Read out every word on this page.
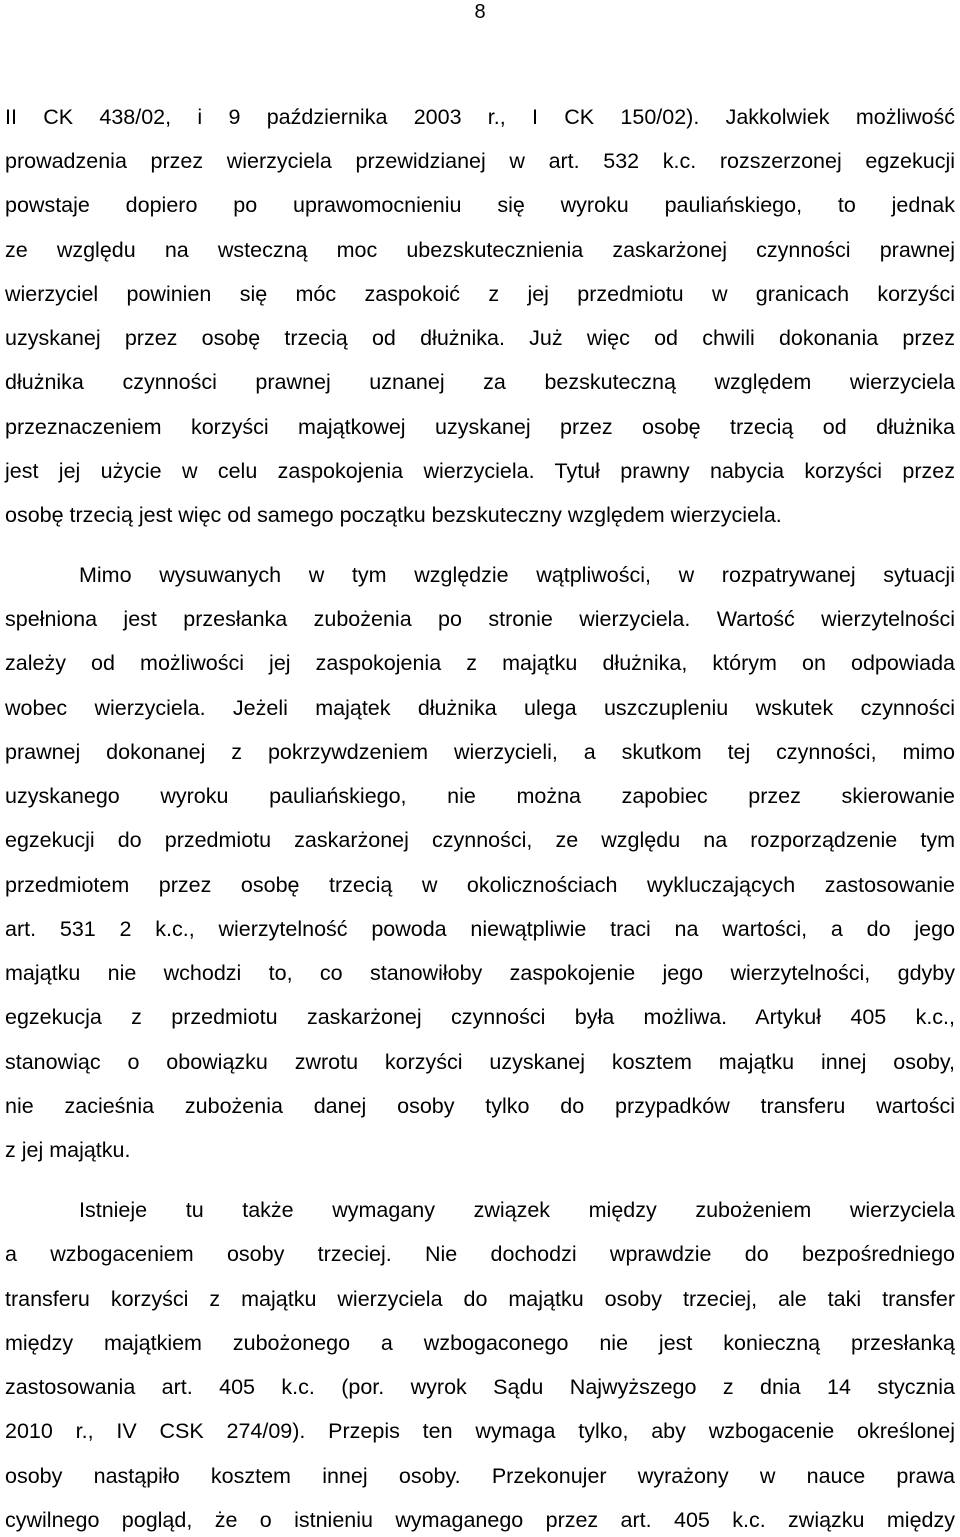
8
II CK 438/02, i 9 października 2003 r., I CK 150/02). Jakkolwiek możliwość
prowadzenia przez wierzyciela przewidzianej w art. 532 k.c. rozszerzonej egzekucji
powstaje dopiero po uprawomocnieniu się wyroku pauliańskiego, to jednak
ze względu na wsteczną moc ubezskutecznienia zaskarżonej czynności prawnej
wierzyciel powinien się móc zaspokoić z jej przedmiotu w granicach korzyści
uzyskanej przez osobę trzecią od dłużnika. Już więc od chwili dokonania przez
dłużnika czynności prawnej uznanej za bezskuteczną względem wierzyciela
przeznaczeniem korzyści majątkowej uzyskanej przez osobę trzecią od dłużnika
jest jej użycie w celu zaspokojenia wierzyciela. Tytuł prawny nabycia korzyści przez
osobę trzecią jest więc od samego początku bezskuteczny względem wierzyciela.
Mimo wysuwanych w tym względzie wątpliwości, w rozpatrywanej sytuacji
spełniona jest przesłanka zubożenia po stronie wierzyciela. Wartość wierzytelności
zależy od możliwości jej zaspokojenia z majątku dłużnika, którym on odpowiada
wobec wierzyciela. Jeżeli majątek dłużnika ulega uszczupleniu wskutek czynności
prawnej dokonanej z pokrzywdzeniem wierzycieli, a skutkom tej czynności, mimo
uzyskanego wyroku pauliańskiego, nie można zapobiec przez skierowanie
egzekucji do przedmiotu zaskarżonej czynności, ze względu na rozporządzenie tym
przedmiotem przez osobę trzecią w okolicznościach wykluczających zastosowanie
art. 531 2 k.c., wierzytelność powoda niewątpliwie traci na wartości, a do jego
majątku nie wchodzi to, co stanowiłoby zaspokojenie jego wierzytelności, gdyby
egzekucja z przedmiotu zaskarżonej czynności była możliwa. Artykuł 405 k.c.,
stanowiąc o obowiązku zwrotu korzyści uzyskanej kosztem majątku innej osoby,
nie zacieśnia zubożenia danej osoby tylko do przypadków transferu wartości
z jej majątku.
Istnieje tu także wymagany związek między zubożeniem wierzyciela
a wzbogaceniem osoby trzeciej. Nie dochodzi wprawdzie do bezpośredniego
transferu korzyści z majątku wierzyciela do majątku osoby trzeciej, ale taki transfer
między majątkiem zubożonego a wzbogaconego nie jest konieczną przesłanką
zastosowania art. 405 k.c. (por. wyrok Sądu Najwyższego z dnia 14 stycznia
2010 r., IV CSK 274/09). Przepis ten wymaga tylko, aby wzbogacenie określonej
osoby nastąpiło kosztem innej osoby. Przekonujer wyrażony w nauce prawa
cywilnego pogląd, że o istnieniu wymaganego przez art. 405 k.c. związku między
